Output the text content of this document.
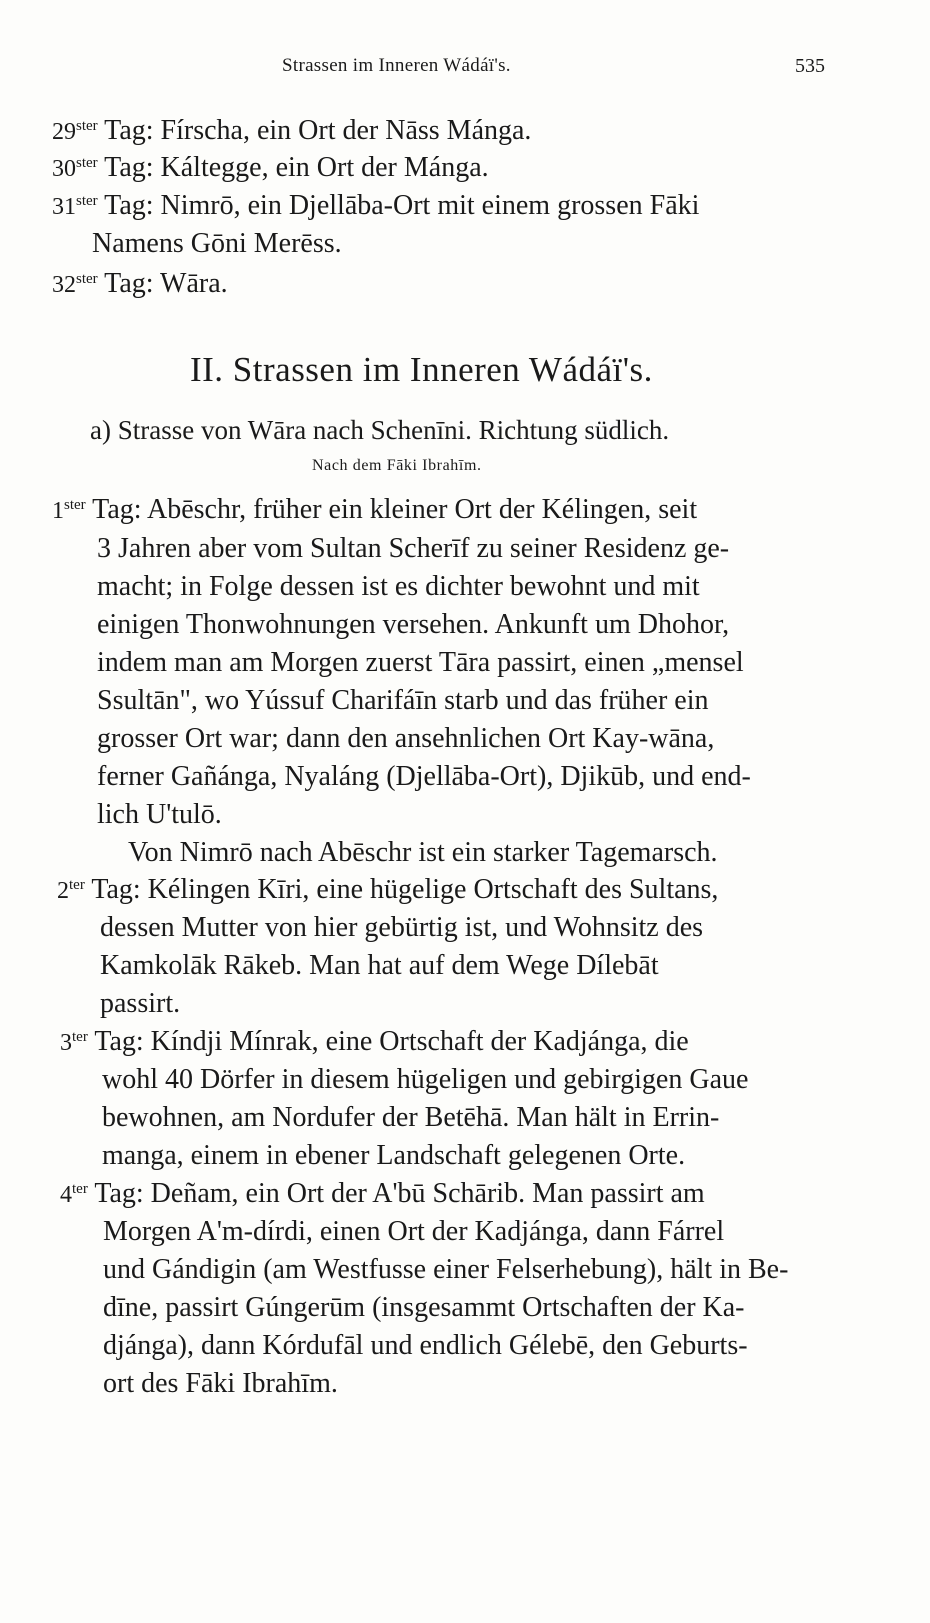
Strassen im Inneren Wádáï's.	535
$29^{ster}$ Tag: Fírscha, ein Ort der Nāss Mánga.
$30^{ster}$ Tag: Káltegge, ein Ort der Mánga.
$31^{ster}$ Tag: Nimrō, ein Djellāba-Ort mit einem grossen Fāki
Namens Gōni Merēss.
$32^{ster}$ Tag: Wāra.
II. Strassen im Inneren Wádáï's.
a) Strasse von Wāra nach Schenīni. Richtung südlich.
Nach dem Fāki Ibrahīm.
$1^{ster}$ Tag: Abēschr, früher ein kleiner Ort der Kélingen, seit
3 Jahren aber vom Sultan Scherīf zu seiner Residenz ge-
macht; in Folge dessen ist es dichter bewohnt und mit
einigen Thonwohnungen versehen. Ankunft um Dhohor,
indem man am Morgen zuerst Tāra passirt, einen „mensel
Ssultān", wo Yússuf Charifáīn starb und das früher ein
grosser Ort war; dann den ansehnlichen Ort Kay-wāna,
ferner Gañánga, Nyaláng (Djellāba-Ort), Djikūb, und end-
lich U'tulō.
Von Nimrō nach Abēschr ist ein starker Tagemarsch.
$2^{ter}$ Tag: Kélingen Kīri, eine hügelige Ortschaft des Sultans,
dessen Mutter von hier gebürtig ist, und Wohnsitz des
Kamkolāk Rākeb. Man hat auf dem Wege Dílebāt
passirt.
$3^{ter}$ Tag: Kíndji Mínrak, eine Ortschaft der Kadjánga, die
wohl 40 Dörfer in diesem hügeligen und gebirgigen Gaue
bewohnen, am Nordufer der Betēhā. Man hält in Errin-
manga, einem in ebener Landschaft gelegenen Orte.
$4^{ter}$ Tag: Deñam, ein Ort der A'bū Schārib. Man passirt am
Morgen A'm-dírdi, einen Ort der Kadjánga, dann Fárrel
und Gándigin (am Westfusse einer Felserhebung), hält in Be-
dīne, passirt Gúngerūm (insgesammt Ortschaften der Ka-
djánga), dann Kórdufāl und endlich Gélebē, den Geburts-
ort des Fāki Ibrahīm.
